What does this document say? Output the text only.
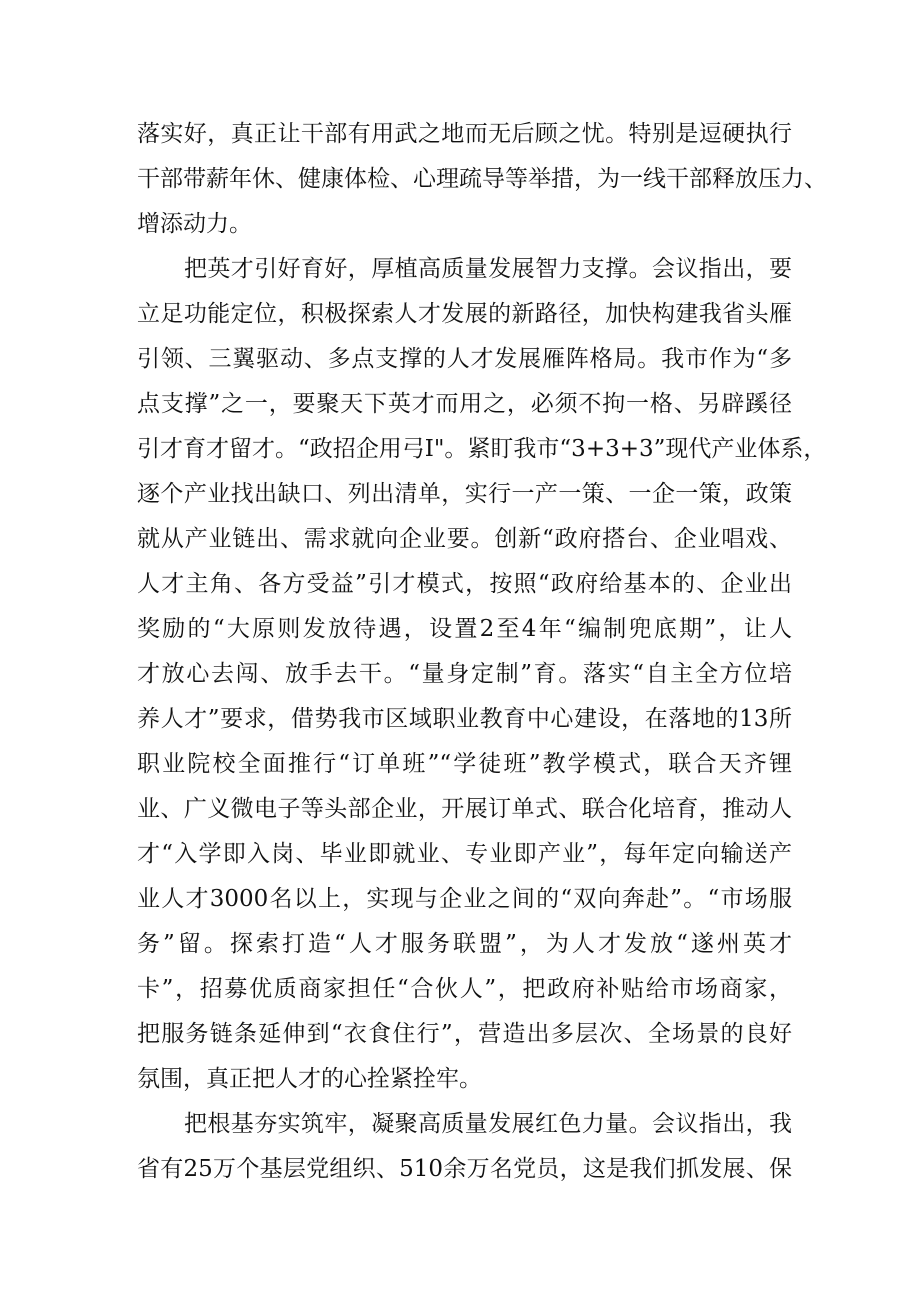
落实好，真正让干部有用武之地而无后顾之忧。特别是逗硬执行
干部带薪年休、健康体检、心理疏导等举措，为一线干部释放压力、
增添动力。
把英才引好育好，厚植高质量发展智力支撑。会议指出，要
立足功能定位，积极探索人才发展的新路径，加快构建我省头雁
引领、三翼驱动、多点支撑的人才发展雁阵格局。我市作为“多
点支撑”之一，要聚天下英才而用之，必须不拘一格、另辟蹊径
引才育才留才。“政招企用弓I"。紧盯我市“3+3+3”现代产业体系，
逐个产业找出缺口、列出清单，实行一产一策、一企一策，政策
就从产业链出、需求就向企业要。创新“政府搭台、企业唱戏、
人才主角、各方受益”引才模式，按照“政府给基本的、企业出
奖励的“大原则发放待遇，设置2至4年“编制兜底期”，让人
才放心去闯、放手去干。“量身定制”育。落实“自主全方位培
养人才”要求，借势我市区域职业教育中心建设，在落地的13所
职业院校全面推行“订单班”“学徒班”教学模式，联合天齐锂
业、广义微电子等头部企业，开展订单式、联合化培育，推动人
才“入学即入岗、毕业即就业、专业即产业”，每年定向输送产
业人才3000名以上，实现与企业之间的“双向奔赴”。“市场服
务”留。探索打造“人才服务联盟”，为人才发放“遂州英才
卡”，招募优质商家担任“合伙人”，把政府补贴给市场商家，
把服务链条延伸到“衣食住行”，营造出多层次、全场景的良好
氛围，真正把人才的心拴紧拴牢。
把根基夯实筑牢，凝聚高质量发展红色力量。会议指出，我
省有25万个基层党组织、510余万名党员，这是我们抓发展、保
